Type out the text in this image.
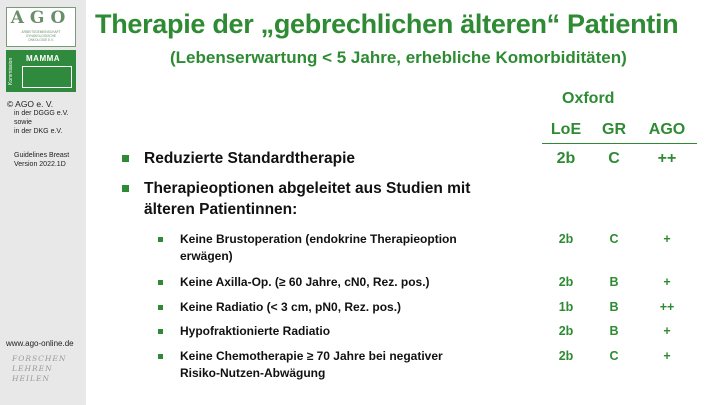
AGO
ARBEITSGEMEINSCHAFT
GYNÄKOLOGISCHE
ONKOLOGIE E.V.
Kommission	MAMMA
© AGO e. V.
in der DGGG e.V.
sowie
in der DKG e.V.
Guidelines Breast
Version 2022.1D
www.ago-online.de
FORSCHEN
LEHREN
HEILEN
Therapie der „gebrechlichen älteren“ Patientin
(Lebenserwartung < 5 Jahre, erhebliche Komorbiditäten)
Oxford
LoE GR AGO
Reduzierte Standardtherapie	2b	C	++
Therapieoptionen abgeleitet aus Studien mit
älteren Patientinnen:
Keine Brustoperation (endokrine Therapieoption
erwägen)
2b	C	+
Keine Axilla-Op. (≥ 60 Jahre, cN0, Rez. pos.)	2b	B	+
Keine Radiatio (< 3 cm, pN0, Rez. pos.)	1b	B	++
Hypofraktionierte Radiatio	2b	B	+
Keine Chemotherapie ≥ 70 Jahre bei negativer
Risiko-Nutzen-Abwägung
2b	C	+
